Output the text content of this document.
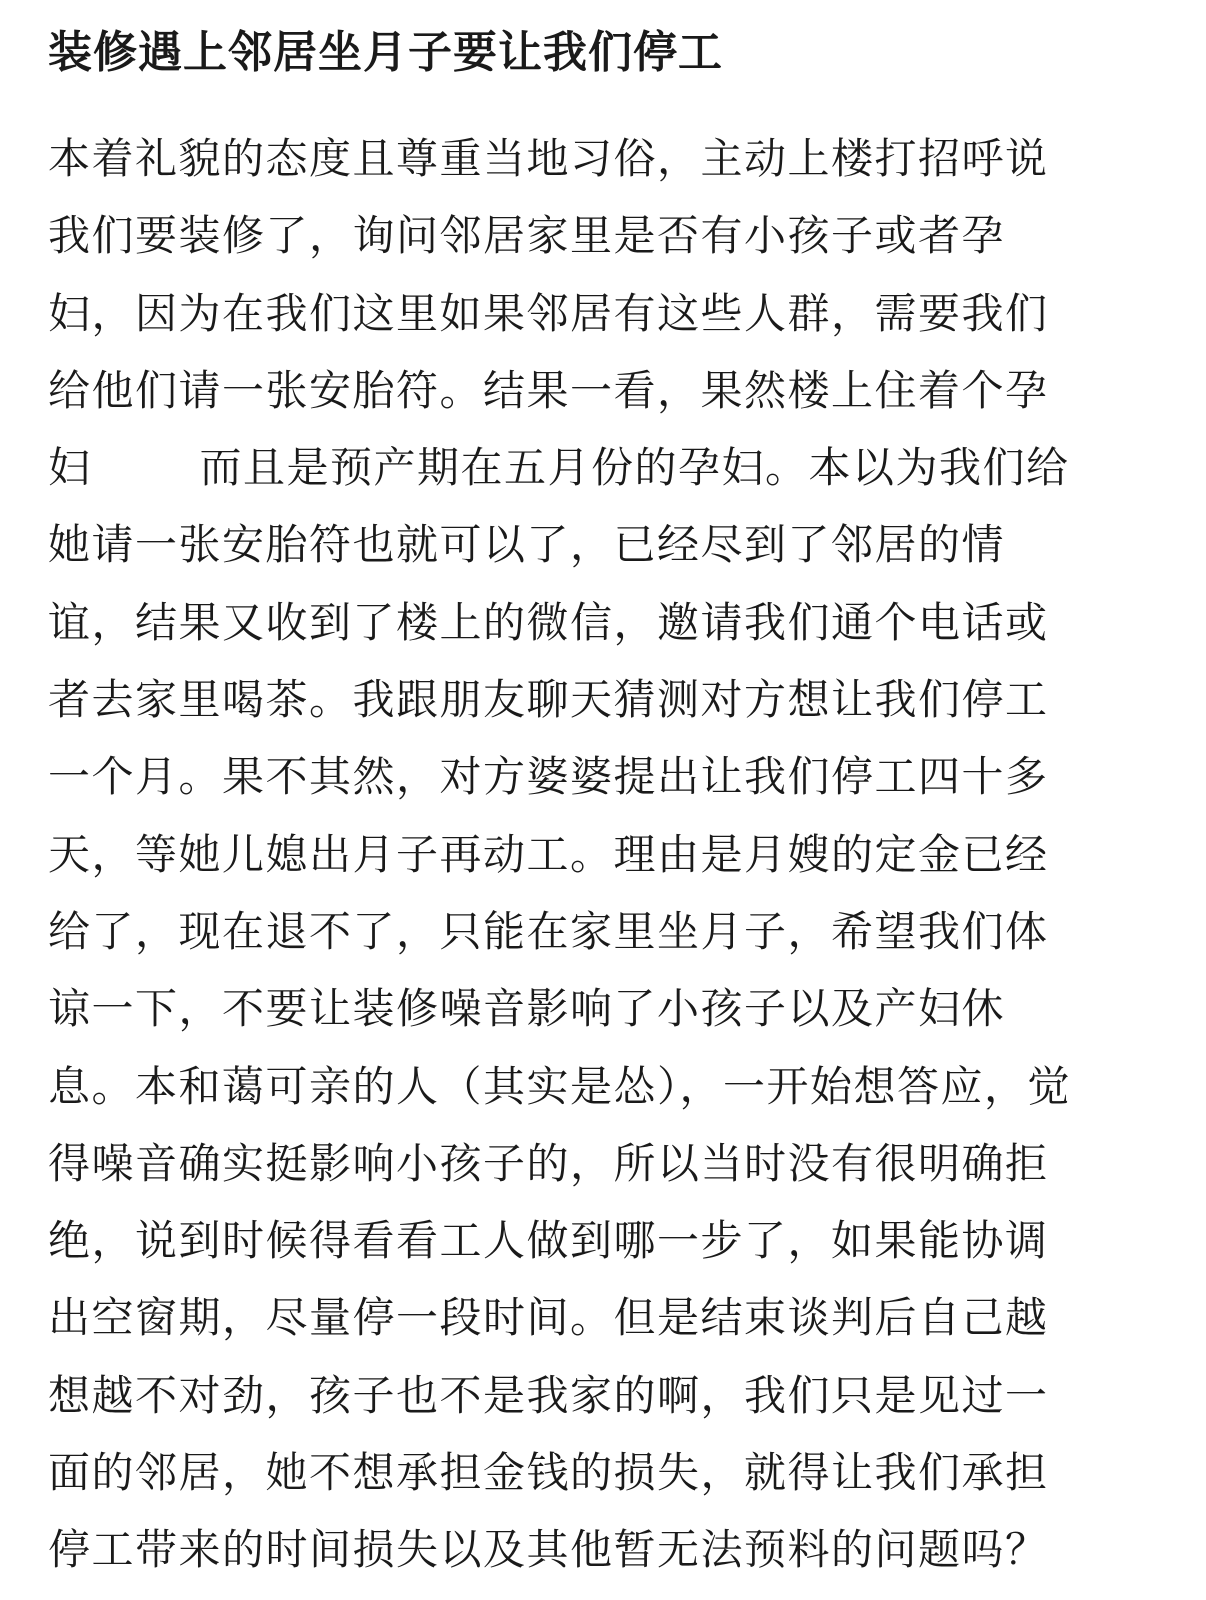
装修遇上邻居坐月子要让我们停工
本着礼貌的态度且尊重当地习俗，主动上楼打招呼说
我们要装修了，询问邻居家里是否有小孩子或者孕
妇，因为在我们这里如果邻居有这些人群，需要我们
给他们请一张安胎符。结果一看，果然楼上住着个孕
妇	而且是预产期在五月份的孕妇。本以为我们给
她请一张安胎符也就可以了，已经尽到了邻居的情
谊，结果又收到了楼上的微信，邀请我们通个电话或
者去家里喝茶。我跟朋友聊天猜测对方想让我们停工
一个月。果不其然，对方婆婆提出让我们停工四十多
天，等她儿媳出月子再动工。理由是月嫂的定金已经
给了，现在退不了，只能在家里坐月子，希望我们体
谅一下，不要让装修噪音影响了小孩子以及产妇休
息。本和蔼可亲的人（其实是怂），一开始想答应，觉
得噪音确实挺影响小孩子的，所以当时没有很明确拒
绝，说到时候得看看工人做到哪一步了，如果能协调
出空窗期，尽量停一段时间。但是结束谈判后自己越
想越不对劲，孩子也不是我家的啊，我们只是见过一
面的邻居，她不想承担金钱的损失，就得让我们承担
停工带来的时间损失以及其他暂无法预料的问题吗？
